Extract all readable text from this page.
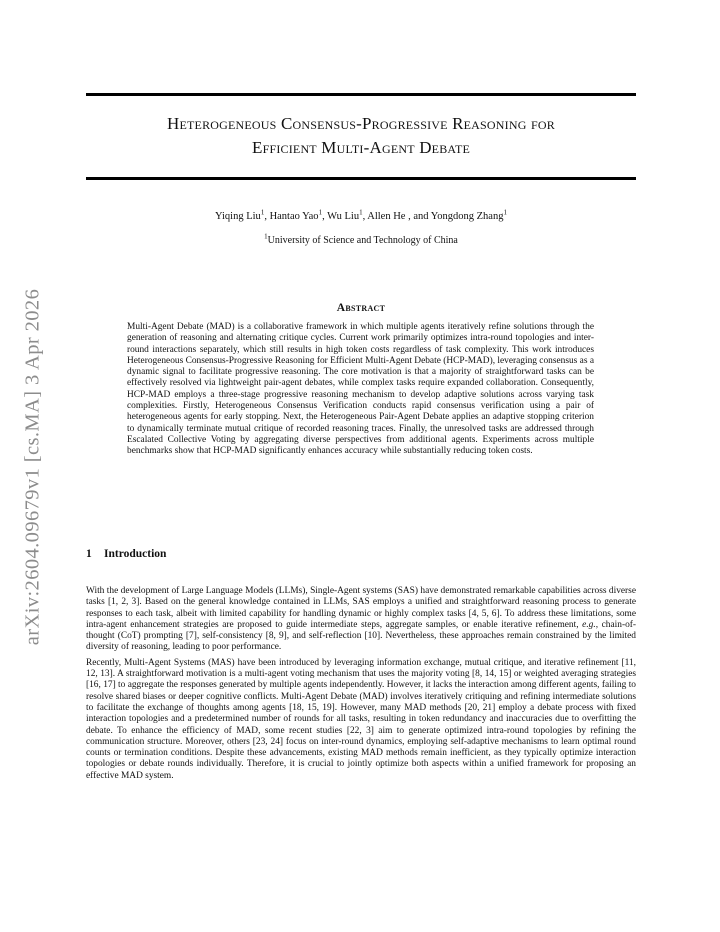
arXiv:2604.09679v1 [cs.MA] 3 Apr 2026
Heterogeneous Consensus-Progressive Reasoning for
Efficient Multi-Agent Debate
Yiqing Liu$^1$, Hantao Yao$^1$, Wu Liu$^1$, Allen He , and Yongdong Zhang$^1$
$^1$University of Science and Technology of China
Abstract

Multi-Agent Debate (MAD) is a collaborative framework in which multiple agents iteratively refine solutions through the generation of reasoning and alternating critique cycles. Current work primarily optimizes intra-round topologies and inter-round interactions separately, which still results in high token costs regardless of task complexity. This work introduces Heterogeneous Consensus-Progressive Reasoning for Efficient Multi-Agent Debate (HCP-MAD), leveraging consensus as a dynamic signal to facilitate progressive reasoning. The core motivation is that a majority of straightforward tasks can be effectively resolved via lightweight pair-agent debates, while complex tasks require expanded collaboration. Consequently, HCP-MAD employs a three-stage progressive reasoning mechanism to develop adaptive solutions across varying task complexities. Firstly, Heterogeneous Consensus Verification conducts rapid consensus verification using a pair of heterogeneous agents for early stopping. Next, the Heterogeneous Pair-Agent Debate applies an adaptive stopping criterion to dynamically terminate mutual critique of recorded reasoning traces. Finally, the unresolved tasks are addressed through Escalated Collective Voting by aggregating diverse perspectives from additional agents. Experiments across multiple benchmarks show that HCP-MAD significantly enhances accuracy while substantially reducing token costs.

1 Introduction

With the development of Large Language Models (LLMs), Single-Agent systems (SAS) have demonstrated remarkable capabilities across diverse tasks [1, 2, 3]. Based on the general knowledge contained in LLMs, SAS employs a unified and straightforward reasoning process to generate responses to each task, albeit with limited capability for handling dynamic or highly complex tasks [4, 5, 6]. To address these limitations, some intra-agent enhancement strategies are proposed to guide intermediate steps, aggregate samples, or enable iterative refinement, e.g., chain-of-thought (CoT) prompting [7], self-consistency [8, 9], and self-reflection [10]. Nevertheless, these approaches remain constrained by the limited diversity of reasoning, leading to poor performance.

Recently, Multi-Agent Systems (MAS) have been introduced by leveraging information exchange, mutual critique, and iterative refinement [11, 12, 13]. A straightforward motivation is a multi-agent voting mechanism that uses the majority voting [8, 14, 15] or weighted averaging strategies [16, 17] to aggregate the responses generated by multiple agents independently. However, it lacks the interaction among different agents, failing to resolve shared biases or deeper cognitive conflicts. Multi-Agent Debate (MAD) involves iteratively critiquing and refining intermediate solutions to facilitate the exchange of thoughts among agents [18, 15, 19]. However, many MAD methods [20, 21] employ a debate process with fixed interaction topologies and a predetermined number of rounds for all tasks, resulting in token redundancy and inaccuracies due to overfitting the debate. To enhance the efficiency of MAD, some recent studies [22, 3] aim to generate optimized intra-round topologies by refining the communication structure. Moreover, others [23, 24] focus on inter-round dynamics, employing self-adaptive mechanisms to learn optimal round counts or termination conditions. Despite these advancements, existing MAD methods remain inefficient, as they typically optimize interaction topologies or debate rounds individually. Therefore, it is crucial to jointly optimize both aspects within a unified framework for proposing an effective MAD system.
